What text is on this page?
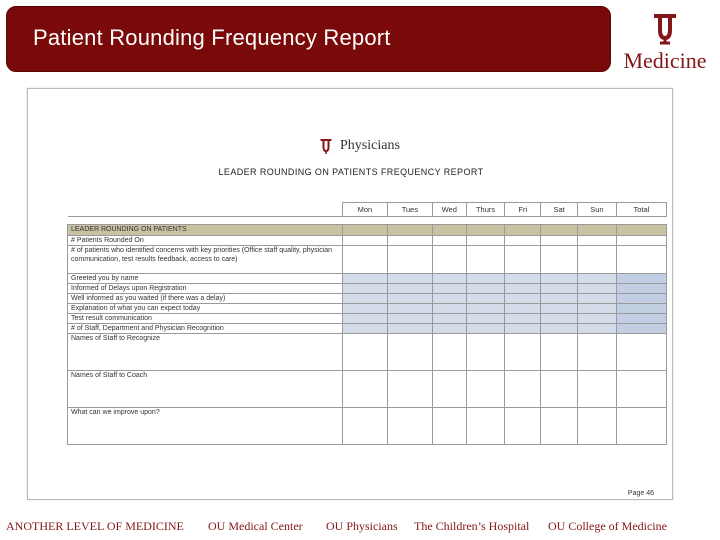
Patient Rounding Frequency Report
Medicine
Physicians
LEADER ROUNDING ON PATIENTS FREQUENCY REPORT
	Mon	Tues	Wed	Thurs	Fri	Sat	Sun	Total

LEADER ROUNDING ON PATIENTS								
# Patients Rounded On								
# of patients who identified concerns with key priorities (Office staff quality, physician communication, test results feedback, access to care)								
Greeted you by name								
Informed of Delays upon Registration								
Well informed as you waited (if there was a delay)								
Explanation of what you can expect today								
Test result communication								
# of Staff, Department and Physician Recognition								
Names of Staff to Recognize								
Names of Staff to Coach								
What can we improve upon?								
Page 46
ANOTHER LEVEL OF MEDICINE OU Medical Center OU Physicians The Children’s Hospital OU College of Medicine
